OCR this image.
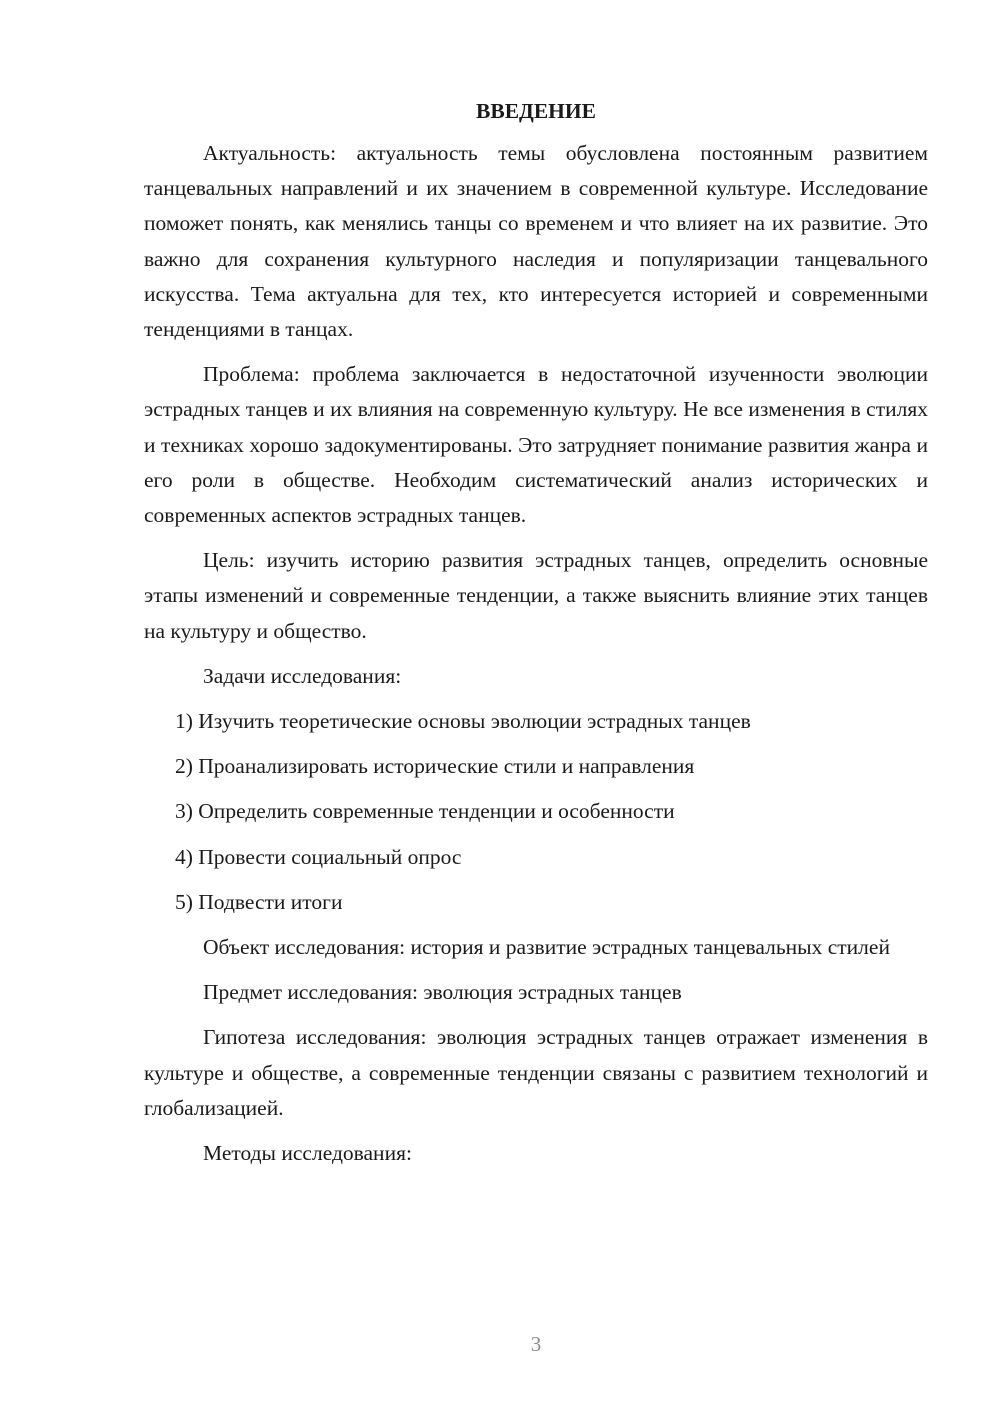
ВВЕДЕНИЕ

Актуальность: актуальность темы обусловлена постоянным развитием танцевальных направлений и их значением в современной культуре. Исследование поможет понять, как менялись танцы со временем и что влияет на их развитие. Это важно для сохранения культурного наследия и популяризации танцевального искусства. Тема актуальна для тех, кто интересуется историей и современными тенденциями в танцах.

Проблема: проблема заключается в недостаточной изученности эволюции эстрадных танцев и их влияния на современную культуру. Не все изменения в стилях и техниках хорошо задокументированы. Это затрудняет понимание развития жанра и его роли в обществе. Необходим систематический анализ исторических и современных аспектов эстрадных танцев.

Цель: изучить историю развития эстрадных танцев, определить основные этапы изменений и современные тенденции, а также выяснить влияние этих танцев на культуру и общество.

Задачи исследования:

1) Изучить теоретические основы эволюции эстрадных танцев

2) Проанализировать исторические стили и направления

3) Определить современные тенденции и особенности

4) Провести социальный опрос

5) Подвести итоги

Объект исследования: история и развитие эстрадных танцевальных стилей

Предмет исследования: эволюция эстрадных танцев

Гипотеза исследования: эволюция эстрадных танцев отражает изменения в культуре и обществе, а современные тенденции связаны с развитием технологий и глобализацией.

Методы исследования:

3
